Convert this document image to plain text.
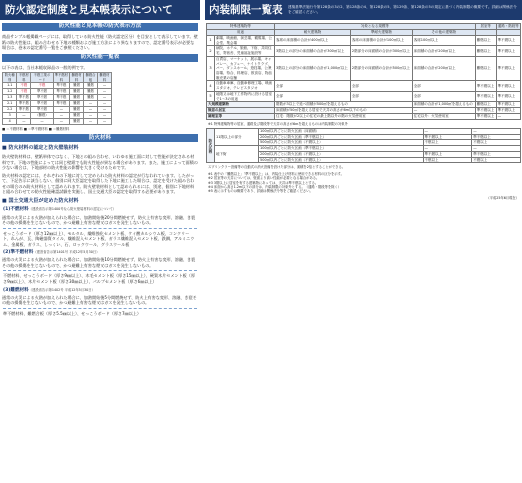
防火認定制度と見本帳表示について
防火性能と見本帳の防火表示方法

商品サンプル帳掲載ページには、取得している防火性能（防火認定区分）を目安として表示しています。壁紙の防火性能は、組み合わせる下地の種類および施工方法により異なりますので、認定番号表示が必要な場合は、巻末の認定番号一覧をご参照ください。

防火性能一覧表

以下の表は、当社本帳収録品の一般的例です。

防火種別	不燃材料	不燃工業ボード	準不燃材料	難燃材料	難燃合板	難燃材料
1.1	不燃	不燃	準不燃	難燃	難燃	—
1.2	不燃	準不燃	準不燃	難燃	難燃	—
1.3	準不燃	準不燃	準不燃	難燃	難燃	—
2.1	準不燃	準不燃	準不燃	難燃	—	—
2.2	準不燃	準不燃	—	難燃	—	—
3	—	（難燃）	—	難燃	—	—
4	—	—	—	難燃	—	—
■ ＝不燃材料 ■ ＝準不燃材料 ■ ＝難燃材料
防火材料
■ 防火材料の認定と防火壁装材料

防火壁装材料は、壁紙単体ではなく、下地との組み合わせ、いわゆる施工面に対して性能が決定される材料です。下地の性能によっては同じ壁紙でも防火性能が異なる場合があります。また、施工によって面積の少ない場合は、下地部材の防火性能の影響を大きく受けるためです。

防火材料の認定には、それぞれの下地に対して定められた防火材料の認定が行なわれています。したがって、下記告示に該当しない、個別に同大臣認定を取得した下地に施工した場合は、認定を受けた組み合わせの場合のみ防火材料として認められます。防火壁装材料として認められるには、別途、個別に下地材料と組み合わせての防火性能確認試験を実施し、国土交通大臣の認定を取得する必要があります。

■ 国土交通大臣が定めた防火材料
(1)不燃材料（建設省告示第1400号なら防火壁装材料の認定について）

通常の火災による火熱が加えられた場合に、加熱開始後20分間燃焼せず、防火上有害な変形、溶融、き裂その他の損傷を生じないもので、かつ避難上有害な煙又はガスを発生しないもの。

せっこうボード（厚さ12㎜以上）、モルタル、繊維強化セメント板、ケイ酸カルシウム板、コンクリート、れんが、瓦、陶磁器質タイル、繊維混入セメント板、ガラス繊維混入セメント板、鉄鋼、アルミニウム、金属板、ガラス、しっくい、石、ロックウール、グラスウール板
(2)準不燃材料（建設省告示第1401号 平成12年5月30日）

通常の火災による火熱が加えられた場合に、加熱開始後10分間燃焼せず、防火上有害な変形、溶融、き裂その他の損傷を生じないもので、かつ避難上有害な煙又はガスを発生しないもの。

不燃材料、せっこうボード（厚さ9㎜以上）、木毛セメント板（厚さ15㎜以上）、硬質木片セメント板（厚さ9㎜以上）、木片セメント板（厚さ30㎜以上）、パルプセメント板（厚さ6㎜以上）
(3)難燃材料（建設省告示第1402号 平成12年5月30日）

通常の火災による火熱が加えられた場合に、加熱開始後5分間燃焼せず、防火上有害な変形、溶融、き裂その他の損傷を生じないもので、かつ避難上有害な煙又はガスを発生しないもの。

準不燃材料、難燃合板（厚さ5.5㎜以上）、せっこうボード（厚さ7㎜以上）
内装制限一覧表	建築基準法施行令第128条の3の2、第128条の4、第128条の5、第129条、第128条の5の規定に基づく内装制限の概要です。詳細は関係法令をご確認ください。
特殊建築物等		対象となる規模等			居室等	通路・階段等
用途		耐火建築物	準耐火建築物	その他の建築物		
1	劇場、映画館、演芸場、観覧場、公会堂、集会場	客席の床面積の合計が400㎡以上	客席の床面積の合計が100㎡以上	客席100㎡以上	難燃以上	準不燃以上
2	病院、ホテル、旅館、下宿、共同住宅、寄宿舎、児童福祉施設等	3階以上の部分の床面積の合計が300㎡以上	2階部分の床面積の合計が300㎡以上	床面積の合計が200㎡以上	難燃以上	準不燃以上
3	百貨店、マーケット、展示場、キャバレー、カフェー、ナイトクラブ、バー、ダンスホール、遊技場、公衆浴場、待合、料理店、飲食店、物品販売業の店舗	3階以上の部分の床面積の合計が1,000㎡以上	2階部分の床面積の合計が500㎡以上	床面積の合計が200㎡以上	難燃以上	準不燃以上
4	自動車車庫、自動車修理工場、映画スタジオ、テレビスタジオ	全部	全部	全部	準不燃以上	準不燃以上
5	地階又は地下工作物内に設ける居室で1～3の用途	全部	全部	全部	準不燃以上	準不燃以上
大規模建築物		階数が3以上で延べ面積が500㎡を超えるもの		床面積の合計が1,000㎡を超えるもの	難燃以上	準不燃以上
無窓の居室		床面積が50㎡を超える居室で天井の高さが6m以下のもの		—	準不燃以上	準不燃以上
調理室等		住宅：階数が2以上の住宅の最上階以外の階の火気使用室		住宅以外：火気使用室	準不燃以上	—
※1 特殊建築物等の居室、通路及び階段等で天井の高さが6ｍを超えるものは内装制限の対象外
防火区画	11階以上の部分	100㎡以内ごとに防火区画（床面積）	—	—
		200㎡以内ごとに防火区画（準不燃以上）	準不燃以上	準不燃以上
		500㎡以内ごとに防火区画（不燃以上）	不燃以上	不燃以上
	地下街	100㎡以内ごとに防火区画（準不燃以上）	—	—
		200㎡以内ごとに防火区画（不燃以上）	準不燃以上	準不燃以上
		500㎡以内ごとに防火区画（不燃以上）	不燃以上	不燃以上
スプリンクラー設備等の自動式の消火設備を設けた部分は、面積を2倍とすることができる。
※1 表中の「難燃以上」「準不燃以上」は、内装仕上げ材料に使用できる材料の区分を示す。
※2 居室等の天井については、壁面より高い性能が必要となる場合がある。
※3 3階以上に居室を有する建築物にあっては、天井は準不燃以上とする。
※4 床面から高さ1.2m以下の部分は、内装制限の対象外とする。（通路・階段等を除く）
※5 表に示すものは概要であり、詳細は関係法令等をご確認ください。
（平成25年6月現在）
